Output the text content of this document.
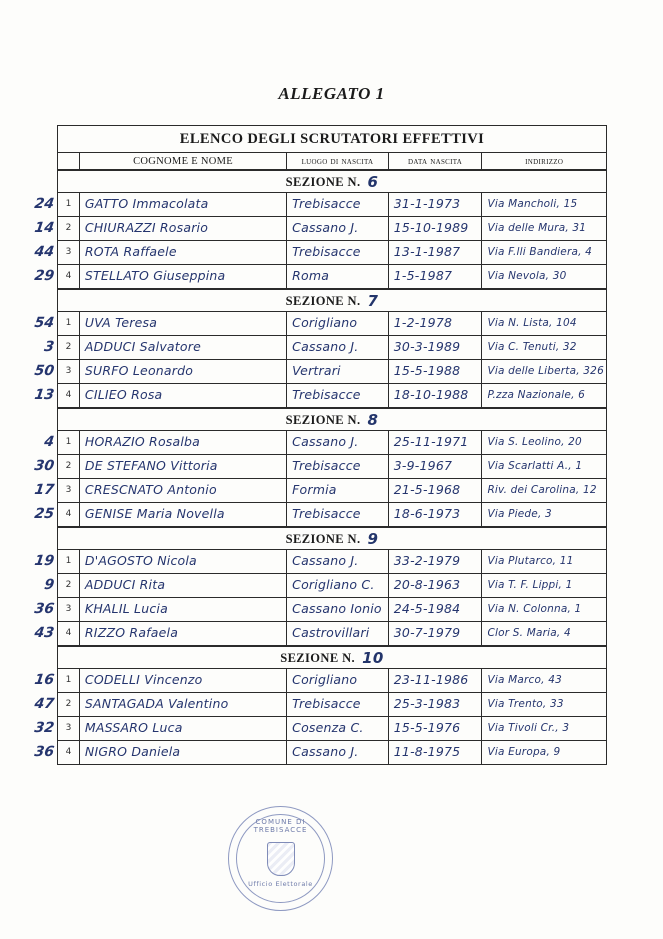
ALLEGATO 1
ELENCO DEGLI SCRUTATORI EFFETTIVI
COGNOME E NOME	luogo di nascita	data nascita	indirizzo
SEZIONE N. 6
24 1	GATTO Immacolata	Trebisacce	31-1-1973	Via Mancholi, 15
14 2	CHIURAZZI Rosario	Cassano J.	15-10-1989	Via delle Mura, 31
44 3	ROTA Raffaele	Trebisacce	13-1-1987	Via F.lli Bandiera, 4
29 4	STELLATO Giuseppina	Roma	1-5-1987	Via Nevola, 30
SEZIONE N. 7
54 1	UVA Teresa	Corigliano	1-2-1978	Via N. Lista, 104
3 2	ADDUCI Salvatore	Cassano J.	30-3-1989	Via C. Tenuti, 32
50 3	SURFO Leonardo	Vertrari	15-5-1988	Via delle Liberta, 326
13 4	CILIEO Rosa	Trebisacce	18-10-1988	P.zza Nazionale, 6
SEZIONE N. 8
4 1	HORAZIO Rosalba	Cassano J.	25-11-1971	Via S. Leolino, 20
30 2	DE STEFANO Vittoria	Trebisacce	3-9-1967	Via Scarlatti A., 1
17 3	CRESCNATO Antonio	Formia	21-5-1968	Riv. dei Carolina, 12
25 4	GENISE Maria Novella	Trebisacce	18-6-1973	Via Piede, 3
SEZIONE N. 9
19 1	D'AGOSTO Nicola	Cassano J.	33-2-1979	Via Plutarco, 11
9 2	ADDUCI Rita	Corigliano C.	20-8-1963	Via T. F. Lippi, 1
36 3	KHALIL Lucia	Cassano Ionio 24-5-1984	Via N. Colonna, 1
43 4	RIZZO Rafaela	Castrovillari	30-7-1979	Clor S. Maria, 4
SEZIONE N. 10
16 1	CODELLI Vincenzo	Corigliano	23-11-1986	Via Marco, 43
47 2	SANTAGADA Valentino	Trebisacce	25-3-1983	Via Trento, 33
32 3	MASSARO Luca	Cosenza C.	15-5-1976	Via Tivoli Cr., 3
36 4	NIGRO Daniela	Cassano J.	11-8-1975	Via Europa, 9
COMUNE DI TREBISACCE
Ufficio Elettorale
